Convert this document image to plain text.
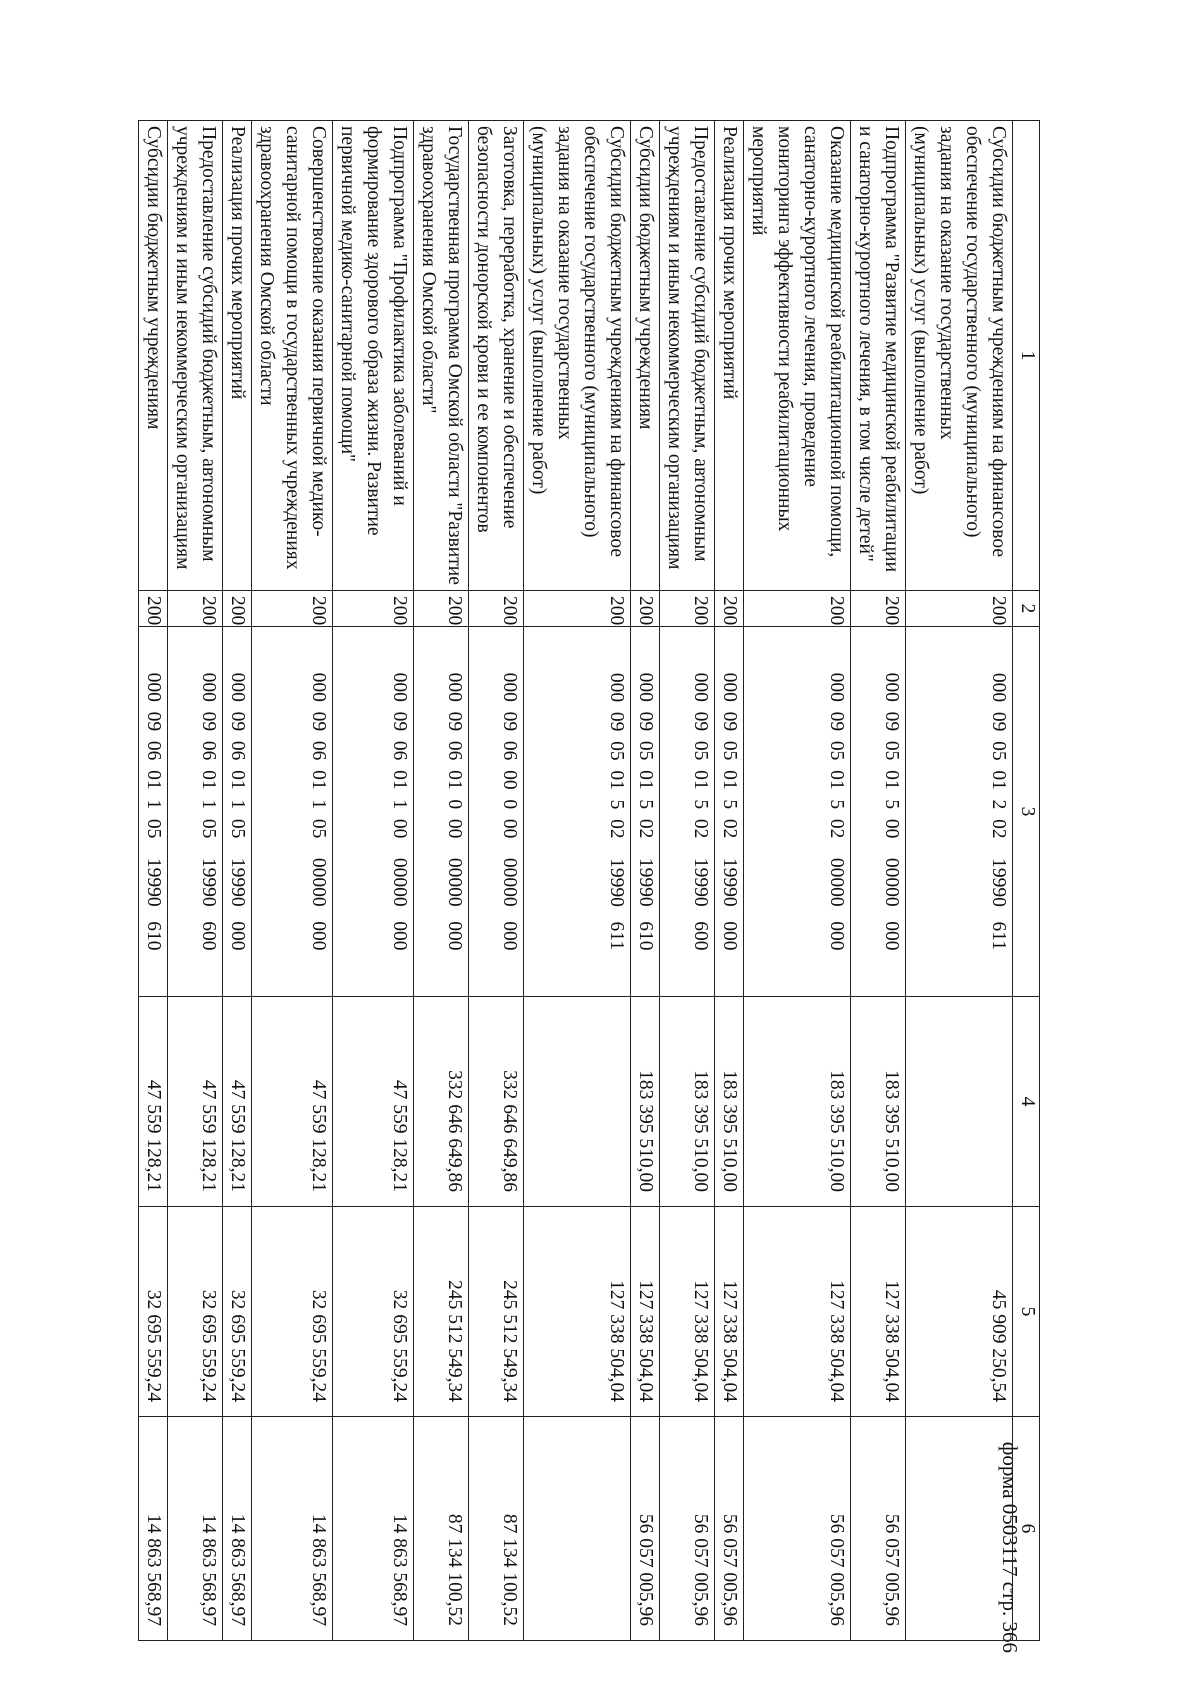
форма 0503117 стр. 366
1	2	3	4	5	6
Субсидии бюджетным учреждениям на финансовое обеспечение государственного (муниципального) задания на оказание государственных (муниципальных) услуг (выполнение работ)	200	000  09  05  01  2  02    19990   611		45 909 250,54	
Подпрограмма "Развитие медицинской реабилитации и санаторно-курортного лечения, в том числе детей"	200	000  09  05  01  5  00    00000   000	183 395 510,00	127 338 504,04	56 057 005,96
Оказание медицинской реабилитационной помощи, санаторно-курортного лечения, проведение мониторинга эффективности реабилитационных мероприятий	200	000  09  05  01  5  02    00000   000	183 395 510,00	127 338 504,04	56 057 005,96
Реализация прочих мероприятий	200	000  09  05  01  5  02    19990   000	183 395 510,00	127 338 504,04	56 057 005,96
Предоставление субсидий бюджетным, автономным учреждениям и иным некоммерческим организациям	200	000  09  05  01  5  02    19990   600	183 395 510,00	127 338 504,04	56 057 005,96
Субсидии бюджетным учреждениям	200	000  09  05  01  5  02    19990   610	183 395 510,00	127 338 504,04	56 057 005,96
Субсидии бюджетным учреждениям на финансовое обеспечение государственного (муниципального) задания на оказание государственных (муниципальных) услуг (выполнение работ)	200	000  09  05  01  5  02    19990   611		127 338 504,04	
Заготовка, переработка, хранение и обеспечение безопасности донорской крови и ее компонентов	200	000  09  06  00  0  00    00000   000	332 646 649,86	245 512 549,34	87 134 100,52
Государственная программа Омской области "Развитие здравоохранения Омской области"	200	000  09  06  01  0  00    00000   000	332 646 649,86	245 512 549,34	87 134 100,52
Подпрограмма "Профилактика заболеваний и формирование здорового образа жизни. Развитие первичной медико-санитарной помощи"	200	000  09  06  01  1  00    00000   000	47 559 128,21	32 695 559,24	14 863 568,97
Совершенствование оказания первичной медико-санитарной помощи в государственных учреждениях здравоохранения Омской области	200	000  09  06  01  1  05    00000   000	47 559 128,21	32 695 559,24	14 863 568,97
Реализация прочих мероприятий	200	000  09  06  01  1  05    19990   000	47 559 128,21	32 695 559,24	14 863 568,97
Предоставление субсидий бюджетным, автономным учреждениям и иным некоммерческим организациям	200	000  09  06  01  1  05    19990   600	47 559 128,21	32 695 559,24	14 863 568,97
Субсидии бюджетным учреждениям	200	000  09  06  01  1  05    19990   610	47 559 128,21	32 695 559,24	14 863 568,97
